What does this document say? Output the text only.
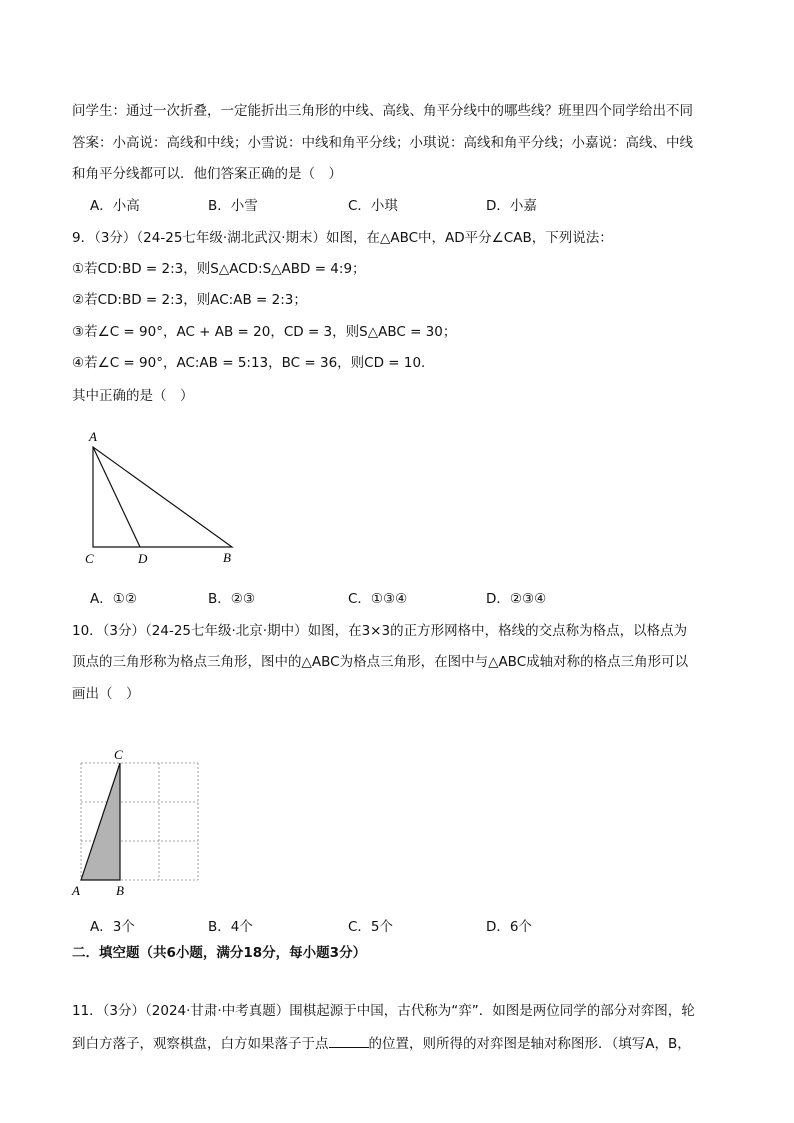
问学生：通过一次折叠，一定能折出三角形的中线、高线、角平分线中的哪些线？班里四个同学给出不同
答案：小高说：高线和中线；小雪说：中线和角平分线；小琪说：高线和角平分线；小嘉说：高线、中线
和角平分线都可以．他们答案正确的是（　）
A．小高	B．小雪	C．小琪	D．小嘉
9．（3分）（24-25七年级·湖北武汉·期末）如图，在△ABC中，AD平分∠CAB，下列说法：
①若CD:BD = 2:3，则S△ACD:S△ABD = 4:9；
②若CD:BD = 2:3，则AC:AB = 2:3；
③若∠C = 90°，AC + AB = 20，CD = 3，则S△ABC = 30；
④若∠C = 90°，AC:AB = 5:13，BC = 36，则CD = 10．
其中正确的是（　）
A
C	D	B
A．①②	B．②③	C．①③④	D．②③④
10．（3分）（24-25七年级·北京·期中）如图，在3×3的正方形网格中，格线的交点称为格点，以格点为
顶点的三角形称为格点三角形，图中的△ABC为格点三角形，在图中与△ABC成轴对称的格点三角形可以
画出（　）
C
A	B
A．3个	B．4个	C．5个	D．6个
二．填空题（共6小题，满分18分，每小题3分）
11．（3分）（2024·甘肃·中考真题）围棋起源于中国，古代称为“弈”．如图是两位同学的部分对弈图，轮
到白方落子，观察棋盘，白方如果落子于点	的位置，则所得的对弈图是轴对称图形．（填写A，B，
